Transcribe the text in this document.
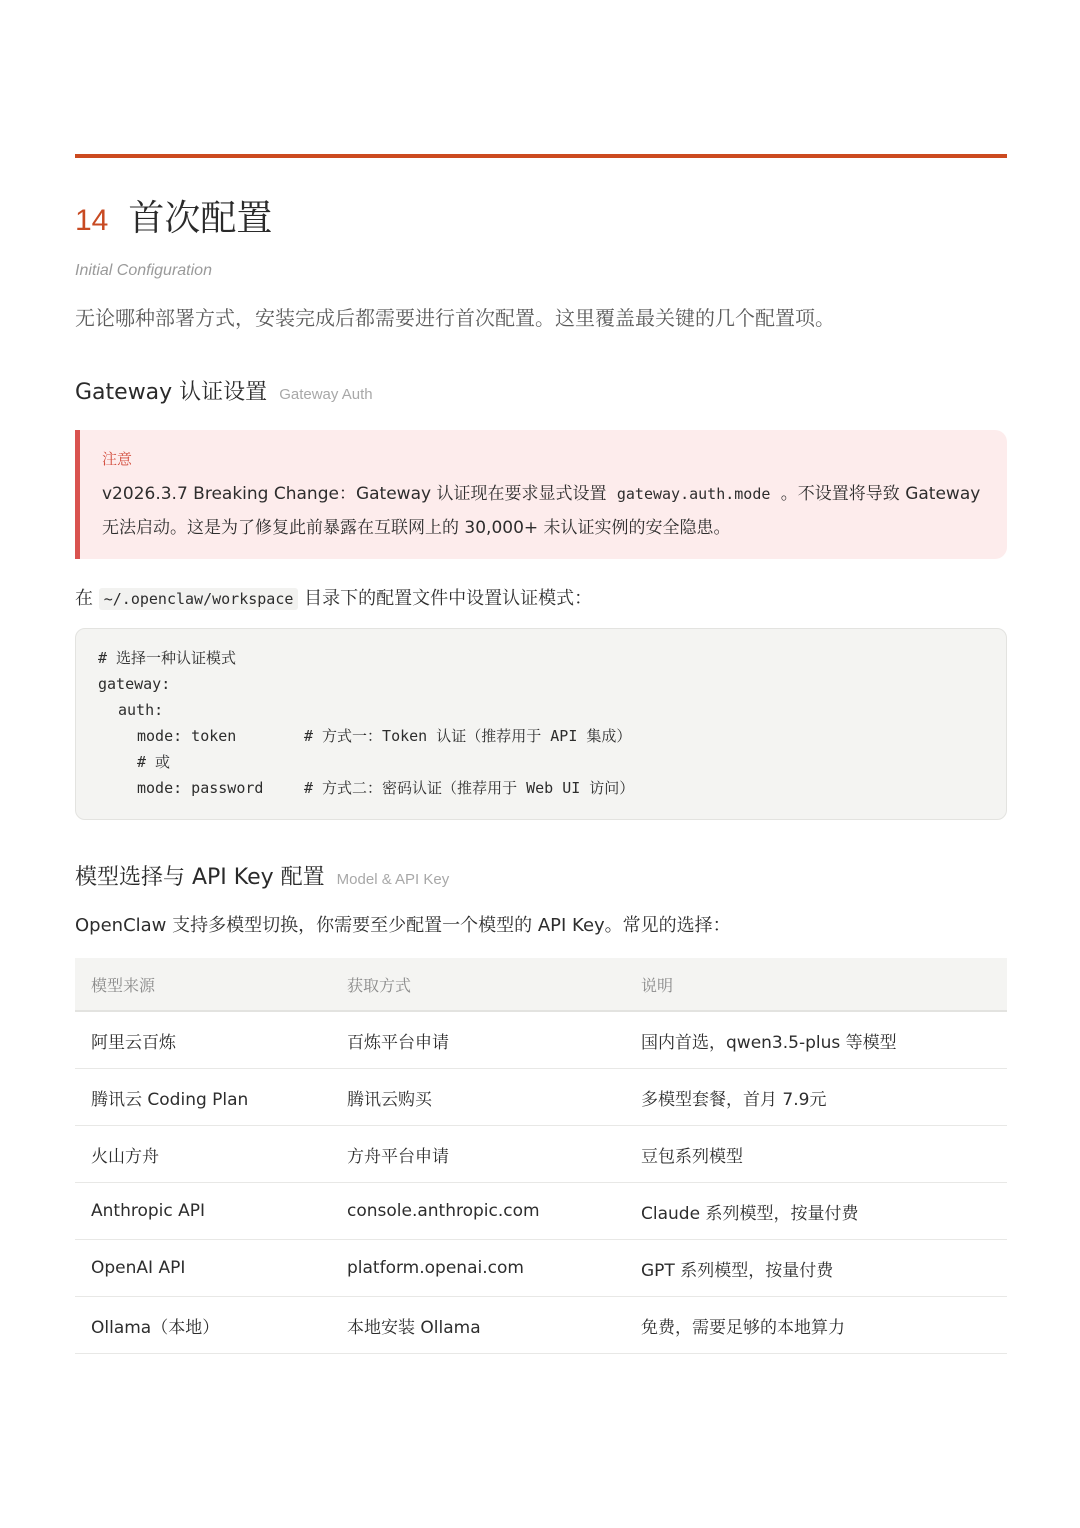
14 首次配置
Initial Configuration
无论哪种部署方式，安装完成后都需要进行首次配置。这里覆盖最关键的几个配置项。
Gateway 认证设置 Gateway Auth
注意
v2026.3.7 Breaking Change：Gateway 认证现在要求显式设置 gateway.auth.mode 。不设置将导致 Gateway 无法启动。这是为了修复此前暴露在互联网上的 30,000+ 未认证实例的安全隐患。
在 ~/.openclaw/workspace 目录下的配置文件中设置认证模式：
# 选择一种认证模式
gateway:
auth:
mode: token	# 方式一：Token 认证（推荐用于 API 集成）
# 或
mode: password	# 方式二：密码认证（推荐用于 Web UI 访问）
模型选择与 API Key 配置 Model & API Key
OpenClaw 支持多模型切换，你需要至少配置一个模型的 API Key。常见的选择：
模型来源	获取方式	说明
阿里云百炼	百炼平台申请	国内首选，qwen3.5-plus 等模型
腾讯云 Coding Plan	腾讯云购买	多模型套餐，首月 7.9元
火山方舟	方舟平台申请	豆包系列模型
Anthropic API	console.anthropic.com	Claude 系列模型，按量付费
OpenAI API	platform.openai.com	GPT 系列模型，按量付费
Ollama（本地）	本地安装 Ollama	免费，需要足够的本地算力
